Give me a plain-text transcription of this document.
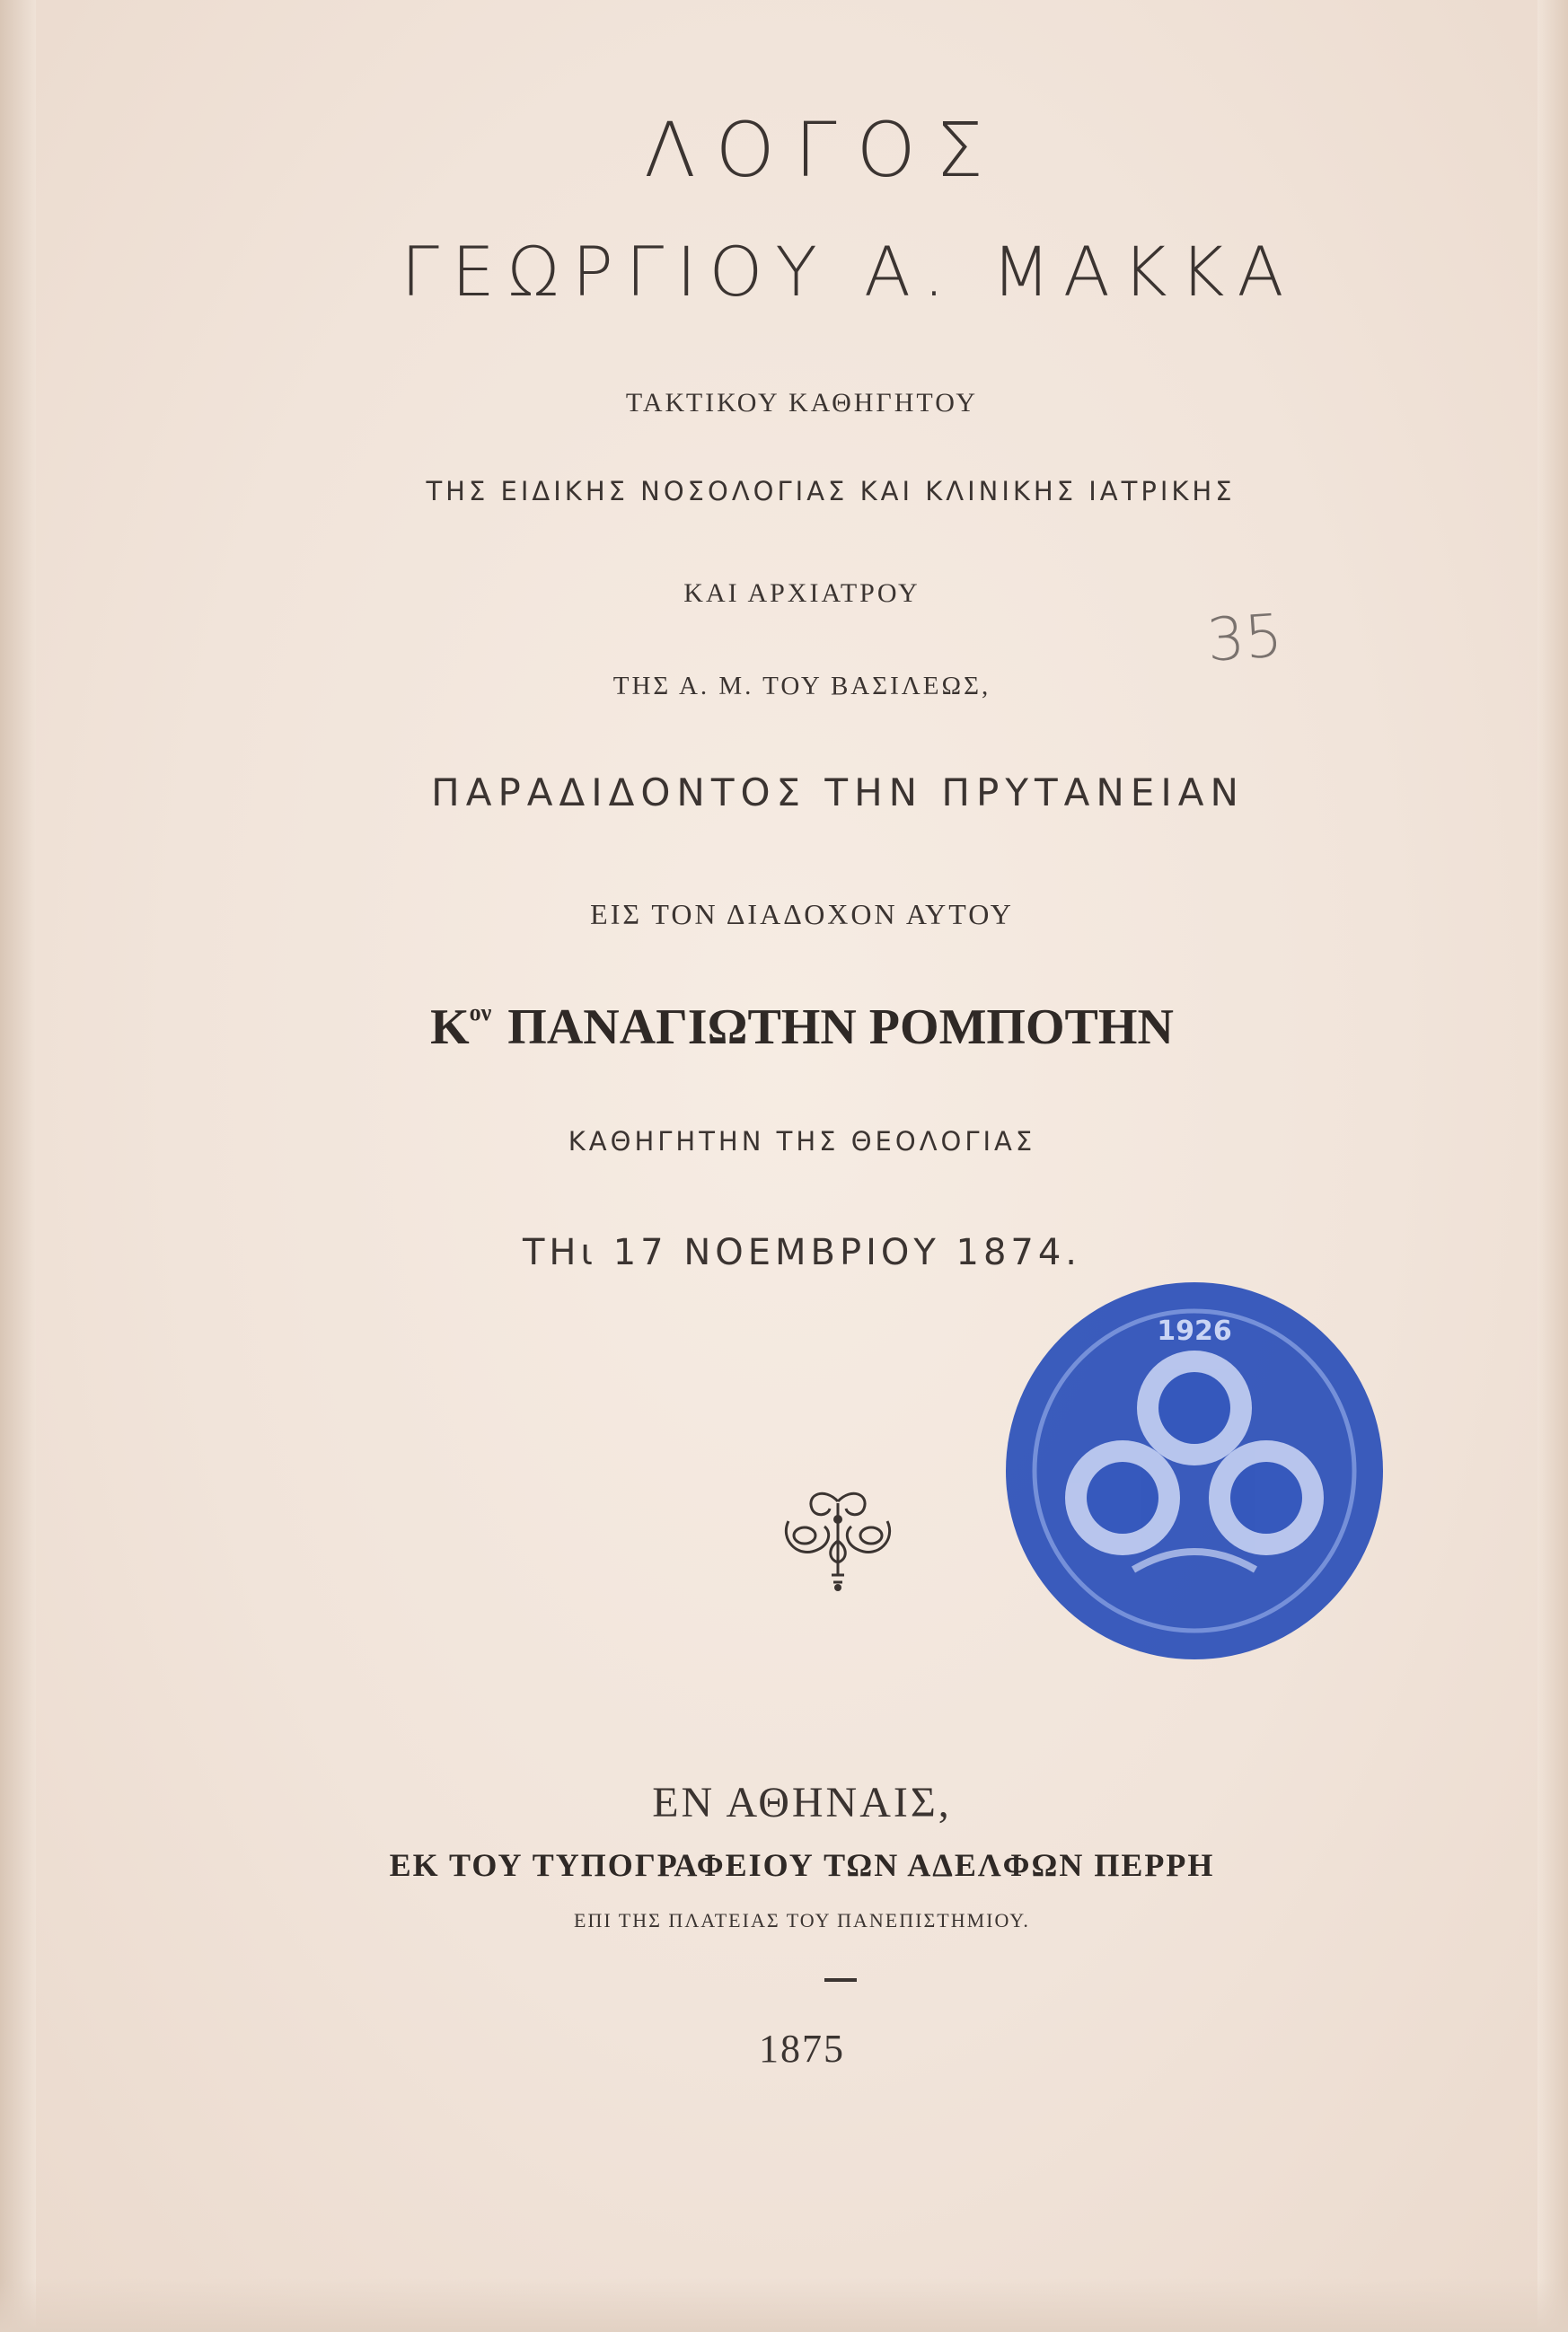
ΛΟΓΟΣ
ΓΕΩΡΓΙΟΥ Α. ΜΑΚΚΑ
ΤΑΚΤΙΚΟΥ ΚΑΘΗΓΗΤΟΥ
ΤΗΣ ΕΙΔΙΚΗΣ ΝΟΣΟΛΟΓΙΑΣ ΚΑΙ ΚΛΙΝΙΚΗΣ ΙΑΤΡΙΚΗΣ
ΚΑΙ ΑΡΧΙΑΤΡΟΥ
ΤΗΣ Α. Μ. ΤΟΥ ΒΑΣΙΛΕΩΣ,
35
ΠΑΡΑΔΙΔΟΝΤΟΣ ΤΗΝ ΠΡΥΤΑΝΕΙΑΝ
ΕΙΣ ΤΟΝ ΔΙΑΔΟΧΟΝ ΑΥΤΟΥ
$K^{o\nu}$ ΠΑΝΑΓΙΩΤΗΝ ΡΟΜΠΟΤΗΝ
ΚΑΘΗΓΗΤΗΝ ΤΗΣ ΘΕΟΛΟΓΙΑΣ
ΤΗι 17 ΝΟΕΜΒΡΙΟΥ 1874.
1926
ΕΝ ΑΘΗΝΑΙΣ,
ΕΚ ΤΟΥ ΤΥΠΟΓΡΑΦΕΙΟΥ ΤΩΝ ΑΔΕΛΦΩΝ ΠΕΡΡΗ
ΕΠΙ ΤΗΣ ΠΛΑΤΕΙΑΣ ΤΟΥ ΠΑΝΕΠΙΣΤΗΜΙΟΥ.
1875
